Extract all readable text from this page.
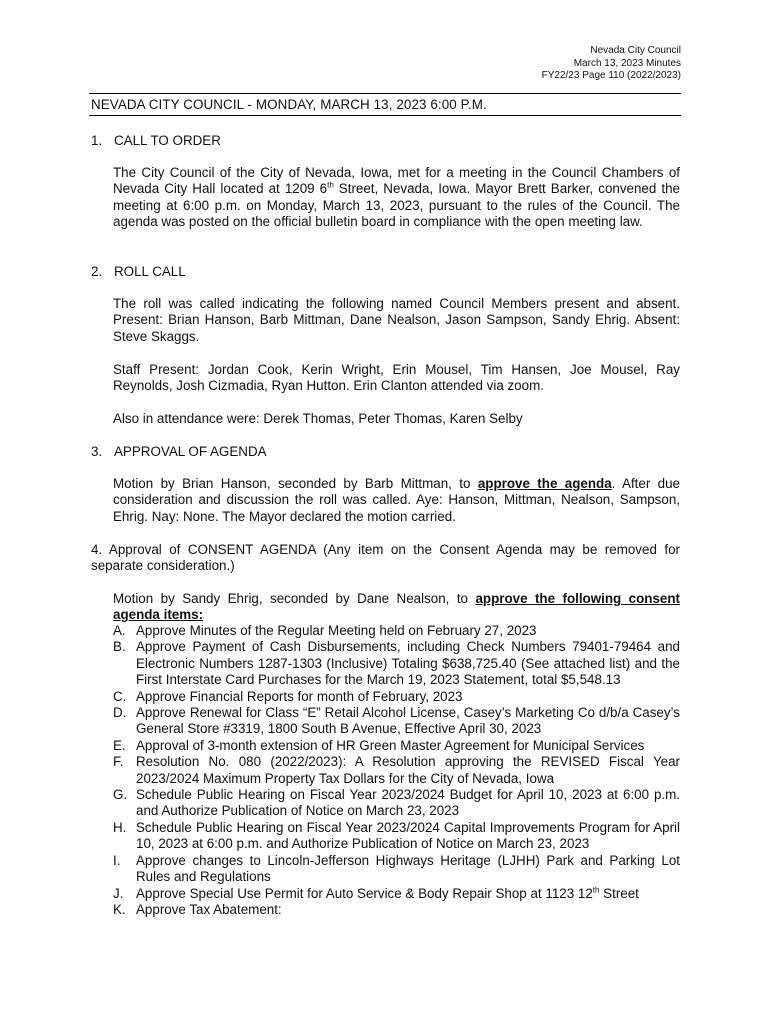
Nevada City Council
March 13, 2023 Minutes
FY22/23 Page 110 (2022/2023)
NEVADA CITY COUNCIL - MONDAY, MARCH 13, 2023 6:00 P.M.
1. CALL TO ORDER
The City Council of the City of Nevada, Iowa, met for a meeting in the Council Chambers of Nevada City Hall located at 1209 6th Street, Nevada, Iowa. Mayor Brett Barker, convened the meeting at 6:00 p.m. on Monday, March 13, 2023, pursuant to the rules of the Council. The agenda was posted on the official bulletin board in compliance with the open meeting law.
2. ROLL CALL
The roll was called indicating the following named Council Members present and absent. Present: Brian Hanson, Barb Mittman, Dane Nealson, Jason Sampson, Sandy Ehrig. Absent: Steve Skaggs.
Staff Present: Jordan Cook, Kerin Wright, Erin Mousel, Tim Hansen, Joe Mousel, Ray Reynolds, Josh Cizmadia, Ryan Hutton. Erin Clanton attended via zoom.
Also in attendance were: Derek Thomas, Peter Thomas, Karen Selby
3. APPROVAL OF AGENDA
Motion by Brian Hanson, seconded by Barb Mittman, to approve the agenda. After due consideration and discussion the roll was called. Aye: Hanson, Mittman, Nealson, Sampson, Ehrig. Nay: None. The Mayor declared the motion carried.
4. Approval of CONSENT AGENDA (Any item on the Consent Agenda may be removed for separate consideration.)
Motion by Sandy Ehrig, seconded by Dane Nealson, to approve the following consent agenda items:
A. Approve Minutes of the Regular Meeting held on February 27, 2023
B. Approve Payment of Cash Disbursements, including Check Numbers 79401-79464 and Electronic Numbers 1287-1303 (Inclusive) Totaling $638,725.40 (See attached list) and the First Interstate Card Purchases for the March 19, 2023 Statement, total $5,548.13
C. Approve Financial Reports for month of February, 2023
D. Approve Renewal for Class “E” Retail Alcohol License, Casey’s Marketing Co d/b/a Casey’s General Store #3319, 1800 South B Avenue, Effective April 30, 2023
E. Approval of 3-month extension of HR Green Master Agreement for Municipal Services
F. Resolution No. 080 (2022/2023): A Resolution approving the REVISED Fiscal Year 2023/2024 Maximum Property Tax Dollars for the City of Nevada, Iowa
G. Schedule Public Hearing on Fiscal Year 2023/2024 Budget for April 10, 2023 at 6:00 p.m. and Authorize Publication of Notice on March 23, 2023
H. Schedule Public Hearing on Fiscal Year 2023/2024 Capital Improvements Program for April 10, 2023 at 6:00 p.m. and Authorize Publication of Notice on March 23, 2023
I.	Approve changes to Lincoln-Jefferson Highways Heritage (LJHH) Park and Parking Lot Rules and Regulations
J. Approve Special Use Permit for Auto Service & Body Repair Shop at 1123 12th Street
K. Approve Tax Abatement:
